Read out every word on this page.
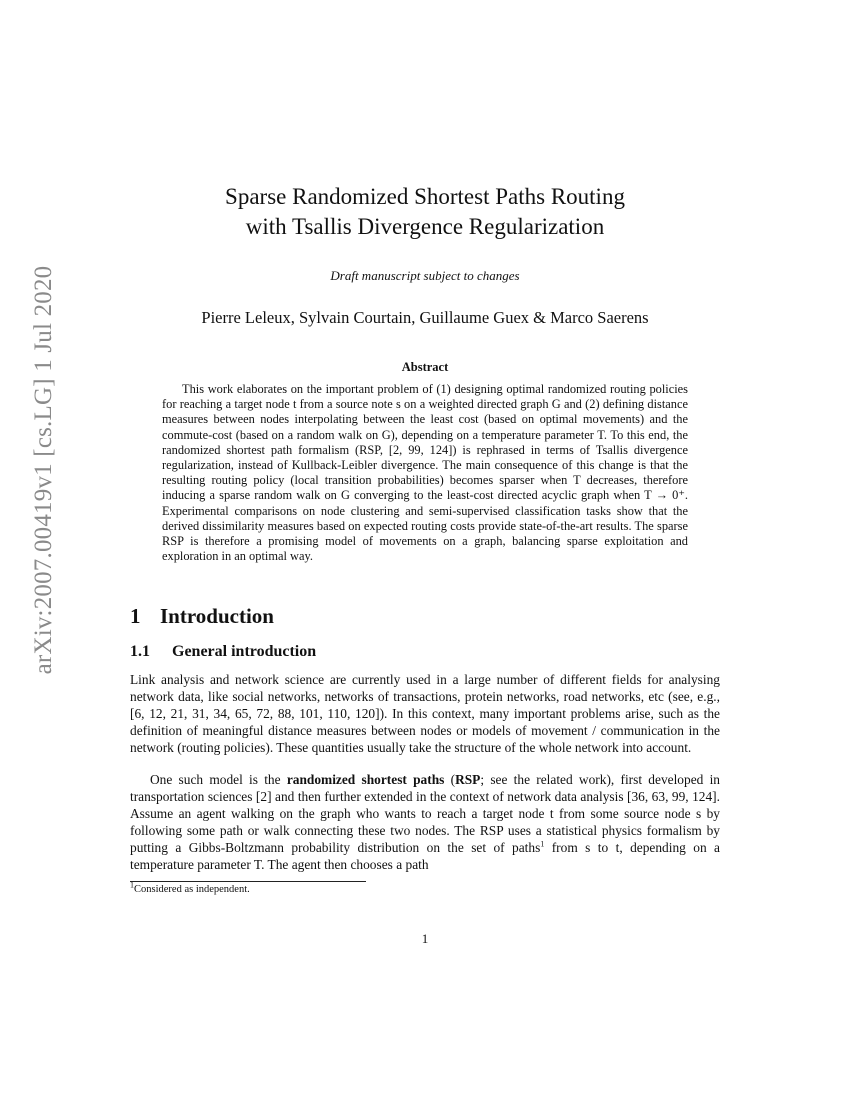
arXiv:2007.00419v1 [cs.LG] 1 Jul 2020
Sparse Randomized Shortest Paths Routing
with Tsallis Divergence Regularization
Draft manuscript subject to changes
Pierre Leleux, Sylvain Courtain, Guillaume Guex & Marco Saerens
Abstract

This work elaborates on the important problem of (1) designing optimal randomized routing policies for reaching a target node t from a source note s on a weighted directed graph G and (2) defining distance measures between nodes interpolating between the least cost (based on optimal movements) and the commute-cost (based on a random walk on G), depending on a temperature parameter T. To this end, the randomized shortest path formalism (RSP, [2, 99, 124]) is rephrased in terms of Tsallis divergence regularization, instead of Kullback-Leibler divergence. The main consequence of this change is that the resulting routing policy (local transition probabilities) becomes sparser when T decreases, therefore inducing a sparse random walk on G converging to the least-cost directed acyclic graph when T → 0⁺. Experimental comparisons on node clustering and semi-supervised classification tasks show that the derived dissimilarity measures based on expected routing costs provide state-of-the-art results. The sparse RSP is therefore a promising model of movements on a graph, balancing sparse exploitation and exploration in an optimal way.

1 Introduction
1.1 General introduction

Link analysis and network science are currently used in a large number of different fields for analysing network data, like social networks, networks of transactions, protein networks, road networks, etc (see, e.g., [6, 12, 21, 31, 34, 65, 72, 88, 101, 110, 120]). In this context, many important problems arise, such as the definition of meaningful distance measures between nodes or models of movement / communication in the network (routing policies). These quantities usually take the structure of the whole network into account.

One such model is the randomized shortest paths (RSP; see the related work), first developed in transportation sciences [2] and then further extended in the context of network data analysis [36, 63, 99, 124]. Assume an agent walking on the graph who wants to reach a target node t from some source node s by following some path or walk connecting these two nodes. The RSP uses a statistical physics formalism by putting a Gibbs-Boltzmann probability distribution on the set of paths$^1$ from s to t, depending on a temperature parameter T. The agent then chooses a path

$^1$Considered as independent.
1
